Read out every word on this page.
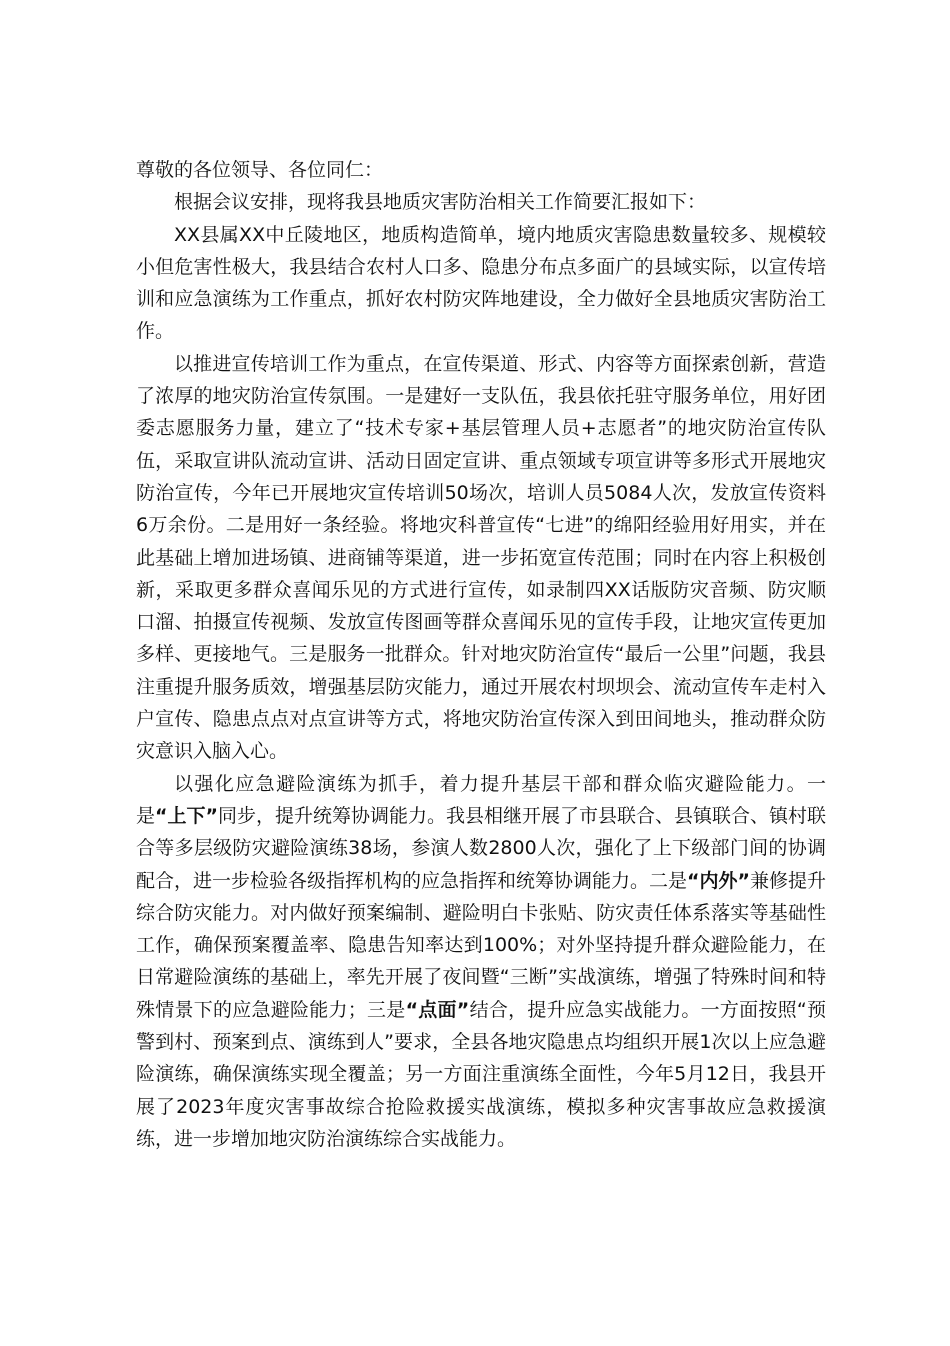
尊敬的各位领导、各位同仁：

根据会议安排，现将我县地质灾害防治相关工作简要汇报如下：

XX县属XX中丘陵地区，地质构造简单，境内地质灾害隐患数量较多、规模较小但危害性极大，我县结合农村人口多、隐患分布点多面广的县域实际，以宣传培训和应急演练为工作重点，抓好农村防灾阵地建设，全力做好全县地质灾害防治工作。

以推进宣传培训工作为重点，在宣传渠道、形式、内容等方面探索创新，营造了浓厚的地灾防治宣传氛围。一是建好一支队伍，我县依托驻守服务单位，用好团委志愿服务力量，建立了“技术专家+基层管理人员+志愿者”的地灾防治宣传队伍，采取宣讲队流动宣讲、活动日固定宣讲、重点领域专项宣讲等多形式开展地灾防治宣传，今年已开展地灾宣传培训50场次，培训人员5084人次，发放宣传资料6万余份。二是用好一条经验。将地灾科普宣传“七进”的绵阳经验用好用实，并在此基础上增加进场镇、进商铺等渠道，进一步拓宽宣传范围；同时在内容上积极创新，采取更多群众喜闻乐见的方式进行宣传，如录制四XX话版防灾音频、防灾顺口溜、拍摄宣传视频、发放宣传图画等群众喜闻乐见的宣传手段，让地灾宣传更加多样、更接地气。三是服务一批群众。针对地灾防治宣传“最后一公里”问题，我县注重提升服务质效，增强基层防灾能力，通过开展农村坝坝会、流动宣传车走村入户宣传、隐患点点对点宣讲等方式，将地灾防治宣传深入到田间地头，推动群众防灾意识入脑入心。

以强化应急避险演练为抓手，着力提升基层干部和群众临灾避险能力。一是“上下”同步，提升统筹协调能力。我县相继开展了市县联合、县镇联合、镇村联合等多层级防灾避险演练38场，参演人数2800人次，强化了上下级部门间的协调配合，进一步检验各级指挥机构的应急指挥和统筹协调能力。二是“内外”兼修提升综合防灾能力。对内做好预案编制、避险明白卡张贴、防灾责任体系落实等基础性工作，确保预案覆盖率、隐患告知率达到100%；对外坚持提升群众避险能力，在日常避险演练的基础上，率先开展了夜间暨“三断”实战演练，增强了特殊时间和特殊情景下的应急避险能力；三是“点面”结合，提升应急实战能力。一方面按照“预警到村、预案到点、演练到人”要求，全县各地灾隐患点均组织开展1次以上应急避险演练，确保演练实现全覆盖；另一方面注重演练全面性，今年5月12日，我县开展了2023年度灾害事故综合抢险救援实战演练，模拟多种灾害事故应急救援演练，进一步增加地灾防治演练综合实战能力。
